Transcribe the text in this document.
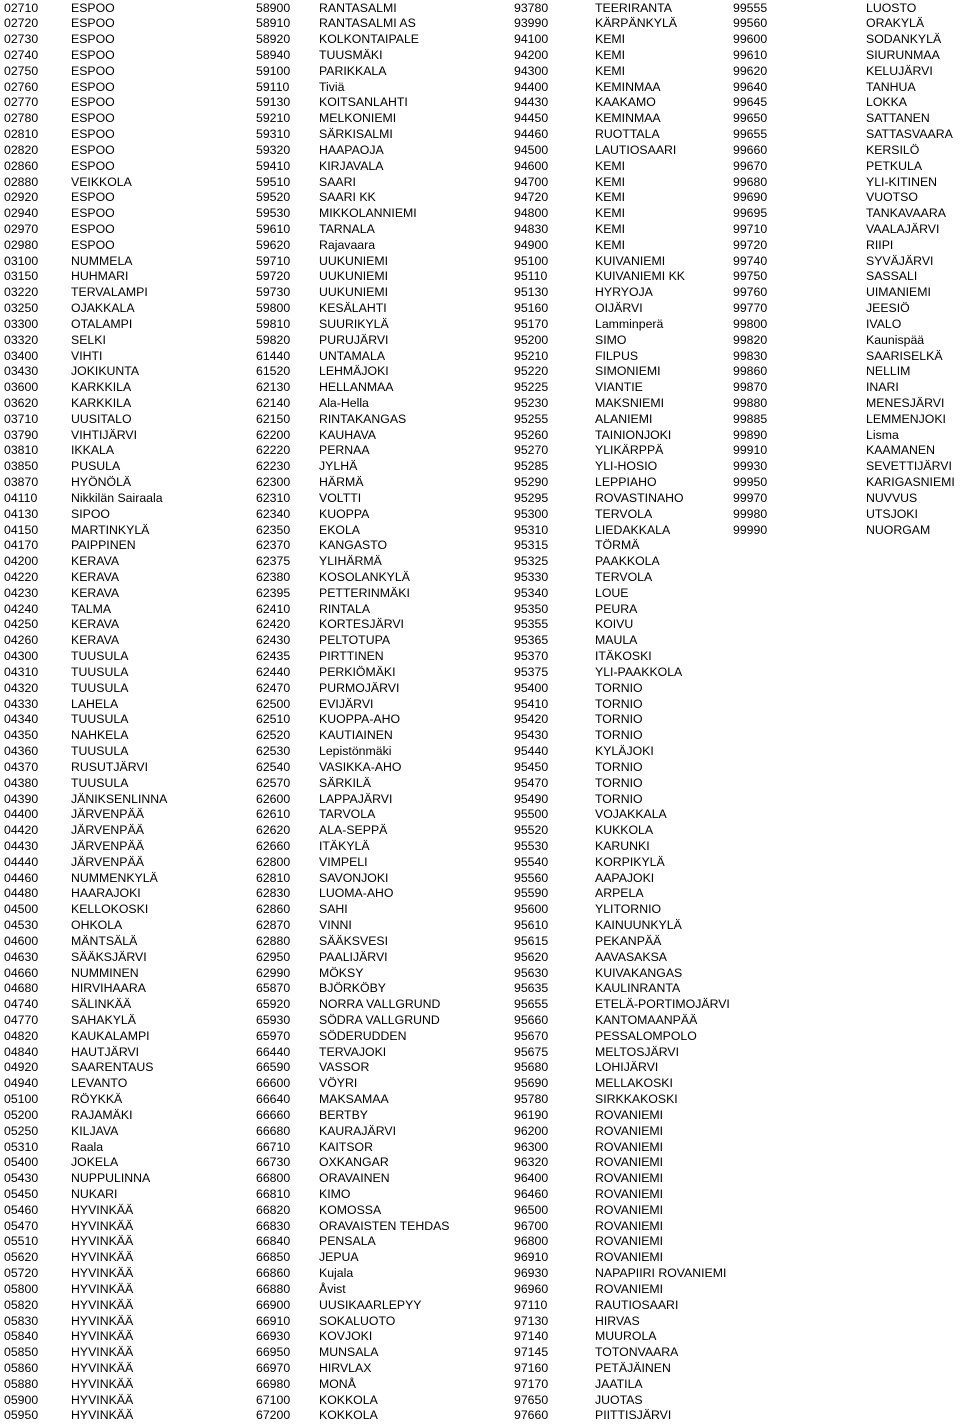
02710	ESPOO
02720	ESPOO
02730	ESPOO
02740	ESPOO
02750	ESPOO
02760	ESPOO
02770	ESPOO
02780	ESPOO
02810	ESPOO
02820	ESPOO
02860	ESPOO
02880	VEIKKOLA
02920	ESPOO
02940	ESPOO
02970	ESPOO
02980	ESPOO
03100	NUMMELA
03150	HUHMARI
03220	TERVALAMPI
03250	OJAKKALA
03300	OTALAMPI
03320	SELKI
03400	VIHTI
03430	JOKIKUNTA
03600	KARKKILA
03620	KARKKILA
03710	UUSITALO
03790	VIHTIJÄRVI
03810	IKKALA
03850	PUSULA
03870	HYÖNÖLÄ
04110	Nikkilän Sairaala
04130	SIPOO
04150	MARTINKYLÄ
04170	PAIPPINEN
04200	KERAVA
04220	KERAVA
04230	KERAVA
04240	TALMA
04250	KERAVA
04260	KERAVA
04300	TUUSULA
04310	TUUSULA
04320	TUUSULA
04330	LAHELA
04340	TUUSULA
04350	NAHKELA
04360	TUUSULA
04370	RUSUTJÄRVI
04380	TUUSULA
04390	JÄNIKSENLINNA
04400	JÄRVENPÄÄ
04420	JÄRVENPÄÄ
04430	JÄRVENPÄÄ
04440	JÄRVENPÄÄ
04460	NUMMENKYLÄ
04480	HAARAJOKI
04500	KELLOKOSKI
04530	OHKOLA
04600	MÄNTSÄLÄ
04630	SÄÄKSJÄRVI
04660	NUMMINEN
04680	HIRVIHAARA
04740	SÄLINKÄÄ
04770	SAHAKYLÄ
04820	KAUKALAMPI
04840	HAUTJÄRVI
04920	SAARENTAUS
04940	LEVANTO
05100	RÖYKKÄ
05200	RAJAMÄKI
05250	KILJAVA
05310	Raala
05400	JOKELA
05430	NUPPULINNA
05450	NUKARI
05460	HYVINKÄÄ
05470	HYVINKÄÄ
05510	HYVINKÄÄ
05620	HYVINKÄÄ
05720	HYVINKÄÄ
05800	HYVINKÄÄ
05820	HYVINKÄÄ
05830	HYVINKÄÄ
05840	HYVINKÄÄ
05850	HYVINKÄÄ
05860	HYVINKÄÄ
05880	HYVINKÄÄ
05900	HYVINKÄÄ
05950	HYVINKÄÄ
58900 RANTASALMI
58910 RANTASALMI AS
58920 KOLKONTAIPALE
58940 TUUSMÄKI
59100 PARIKKALA
59110 Tiviä
59130 KOITSANLAHTI
59210 MELKONIEMI
59310 SÄRKISALMI
59320 HAAPAOJA
59410 KIRJAVALA
59510 SAARI
59520 SAARI KK
59530 MIKKOLANNIEMI
59610 TARNALA
59620 Rajavaara
59710 UUKUNIEMI
59720 UUKUNIEMI
59730 UUKUNIEMI
59800 KESÄLAHTI
59810 SUURIKYLÄ
59820 PURUJÄRVI
61440 UNTAMALA
61520 LEHMÄJOKI
62130 HELLANMAA
62140 Ala-Hella
62150 RINTAKANGAS
62200 KAUHAVA
62220 PERNAA
62230 JYLHÄ
62300 HÄRMÄ
62310 VOLTTI
62340 KUOPPA
62350 EKOLA
62370 KANGASTO
62375 YLIHÄRMÄ
62380 KOSOLANKYLÄ
62395 PETTERINMÄKI
62410 RINTALA
62420 KORTESJÄRVI
62430 PELTOTUPA
62435 PIRTTINEN
62440 PERKIÖMÄKI
62470 PURMOJÄRVI
62500 EVIJÄRVI
62510 KUOPPA-AHO
62520 KAUTIAINEN
62530 Lepistönmäki
62540 VASIKKA-AHO
62570 SÄRKILÄ
62600 LAPPAJÄRVI
62610 TARVOLA
62620 ALA-SEPPÄ
62660 ITÄKYLÄ
62800 VIMPELI
62810 SAVONJOKI
62830 LUOMA-AHO
62860 SAHI
62870 VINNI
62880 SÄÄKSVESI
62950 PAALIJÄRVI
62990 MÖKSY
65870 BJÖRKÖBY
65920 NORRA VALLGRUND
65930 SÖDRA VALLGRUND
65970 SÖDERUDDEN
66440 TERVAJOKI
66590 VASSOR
66600 VÖYRI
66640 MAKSAMAA
66660 BERTBY
66680 KAURAJÄRVI
66710 KAITSOR
66730 OXKANGAR
66800 ORAVAINEN
66810 KIMO
66820 KOMOSSA
66830 ORAVAISTEN TEHDAS
66840 PENSALA
66850 JEPUA
66860 Kujala
66880 Åvist
66900 UUSIKAARLEPYY
66910 SOKALUOTO
66930 KOVJOKI
66950 MUNSALA
66970 HIRVLAX
66980 MONÅ
67100 KOKKOLA
67200 KOKKOLA
93780	TEERIRANTA
93990	KÄRPÄNKYLÄ
94100	KEMI
94200	KEMI
94300	KEMI
94400	KEMINMAA
94430	KAAKAMO
94450	KEMINMAA
94460	RUOTTALA
94500	LAUTIOSAARI
94600	KEMI
94700	KEMI
94720	KEMI
94800	KEMI
94830	KEMI
94900	KEMI
95100	KUIVANIEMI
95110	KUIVANIEMI KK
95130	HYRYOJA
95160	OIJÄRVI
95170	Lamminperä
95200	SIMO
95210	FILPUS
95220	SIMONIEMI
95225	VIANTIE
95230	MAKSNIEMI
95255	ALANIEMI
95260	TAINIONJOKI
95270	YLIKÄRPPÄ
95285	YLI-HOSIO
95290	LEPPIAHO
95295	ROVASTINAHO
95300	TERVOLA
95310	LIEDAKKALA
95315	TÖRMÄ
95325	PAAKKOLA
95330	TERVOLA
95340	LOUE
95350	PEURA
95355	KOIVU
95365	MAULA
95370	ITÄKOSKI
95375	YLI-PAAKKOLA
95400	TORNIO
95410	TORNIO
95420	TORNIO
95430	TORNIO
95440	KYLÄJOKI
95450	TORNIO
95470	TORNIO
95490	TORNIO
95500	VOJAKKALA
95520	KUKKOLA
95530	KARUNKI
95540	KORPIKYLÄ
95560	AAPAJOKI
95590	ARPELA
95600	YLITORNIO
95610	KAINUUNKYLÄ
95615	PEKANPÄÄ
95620	AAVASAKSA
95630	KUIVAKANGAS
95635	KAULINRANTA
95655	ETELÄ-PORTIMOJÄRVI
95660	KANTOMAANPÄÄ
95670	PESSALOMPOLO
95675	MELTOSJÄRVI
95680	LOHIJÄRVI
95690	MELLAKOSKI
95780	SIRKKAKOSKI
96190	ROVANIEMI
96200	ROVANIEMI
96300	ROVANIEMI
96320	ROVANIEMI
96400	ROVANIEMI
96460	ROVANIEMI
96500	ROVANIEMI
96700	ROVANIEMI
96800	ROVANIEMI
96910	ROVANIEMI
96930	NAPAPIIRI ROVANIEMI
96960	ROVANIEMI
97110	RAUTIOSAARI
97130	HIRVAS
97140	MUUROLA
97145	TOTONVAARA
97160	PETÄJÄINEN
97170	JAATILA
97650	JUOTAS
97660	PIITTISJÄRVI
99555	LUOSTO
99560	ORAKYLÄ
99600	SODANKYLÄ
99610	SIURUNMAA
99620	KELUJÄRVI
99640	TANHUA
99645	LOKKA
99650	SATTANEN
99655	SATTASVAARA
99660	KERSILÖ
99670	PETKULA
99680	YLI-KITINEN
99690	VUOTSO
99695	TANKAVAARA
99710	VAALAJÄRVI
99720	RIIPI
99740	SYVÄJÄRVI
99750	SASSALI
99760	UIMANIEMI
99770	JEESIÖ
99800	IVALO
99820	Kaunispää
99830	SAARISELKÄ
99860	NELLIM
99870	INARI
99880	MENESJÄRVI
99885	LEMMENJOKI
99890	Lisma
99910	KAAMANEN
99930	SEVETTIJÄRVI
99950	KARIGASNIEMI
99970	NUVVUS
99980	UTSJOKI
99990	NUORGAM
